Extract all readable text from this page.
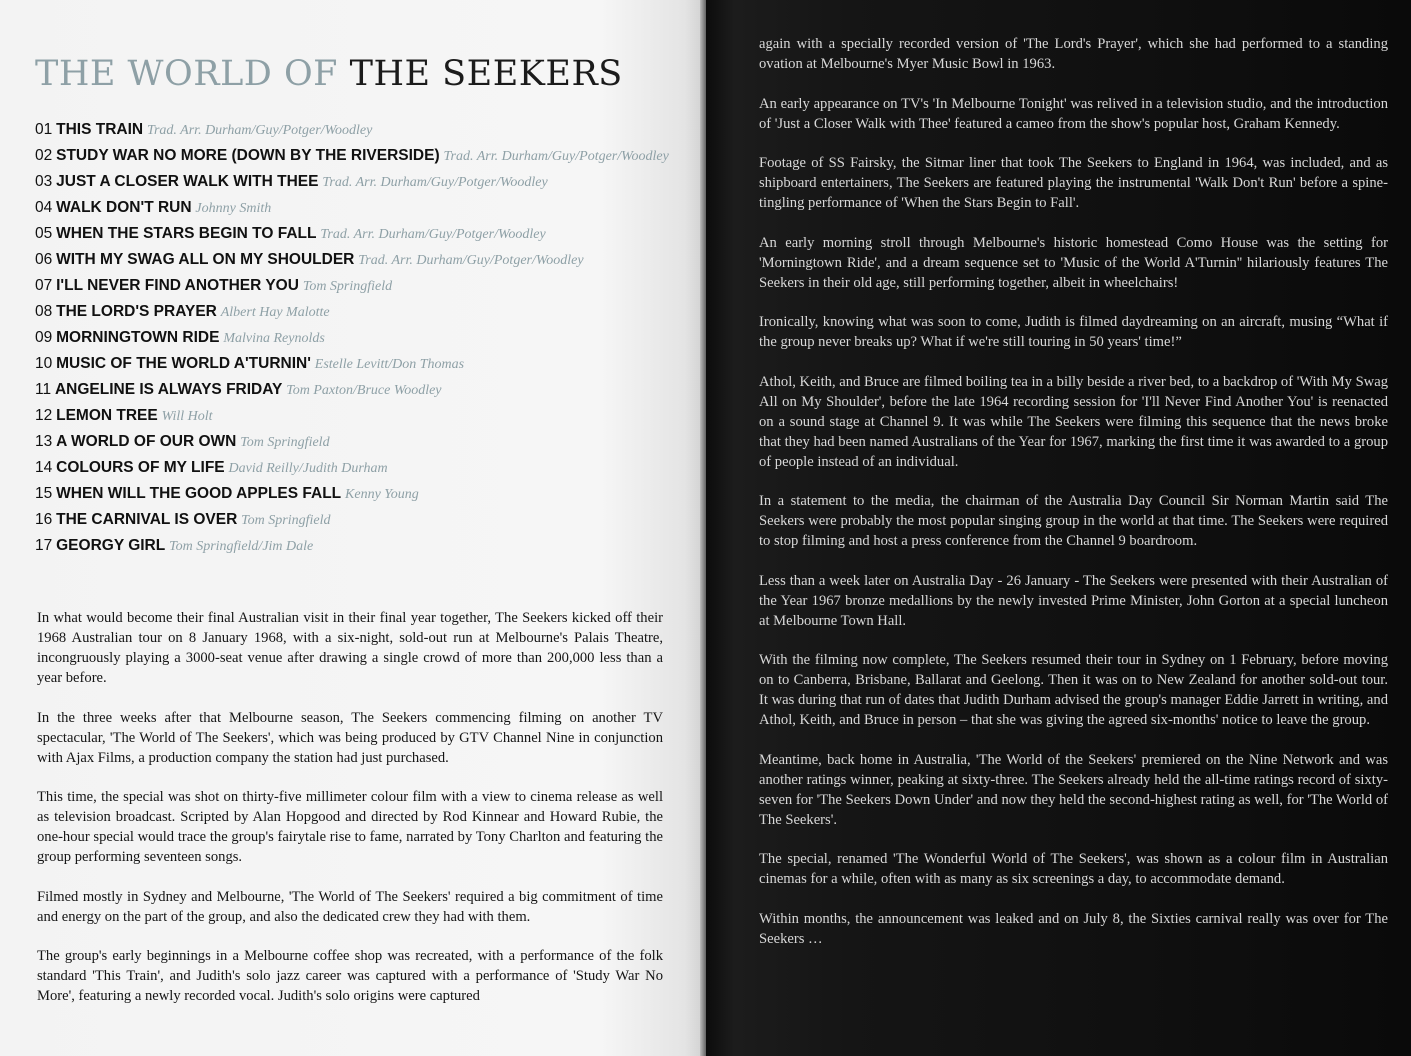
THE WORLD OF THE SEEKERS
01 THIS TRAIN Trad. Arr. Durham/Guy/Potger/Woodley
02 STUDY WAR NO MORE (DOWN BY THE RIVERSIDE) Trad. Arr. Durham/Guy/Potger/Woodley
03 JUST A CLOSER WALK WITH THEE Trad. Arr. Durham/Guy/Potger/Woodley
04 WALK DON'T RUN Johnny Smith
05 WHEN THE STARS BEGIN TO FALL Trad. Arr. Durham/Guy/Potger/Woodley
06 WITH MY SWAG ALL ON MY SHOULDER Trad. Arr. Durham/Guy/Potger/Woodley
07 I'LL NEVER FIND ANOTHER YOU Tom Springfield
08 THE LORD'S PRAYER Albert Hay Malotte
09 MORNINGTOWN RIDE Malvina Reynolds
10 MUSIC OF THE WORLD A'TURNIN' Estelle Levitt/Don Thomas
11 ANGELINE IS ALWAYS FRIDAY Tom Paxton/Bruce Woodley
12 LEMON TREE Will Holt
13 A WORLD OF OUR OWN Tom Springfield
14 COLOURS OF MY LIFE David Reilly/Judith Durham
15 WHEN WILL THE GOOD APPLES FALL Kenny Young
16 THE CARNIVAL IS OVER Tom Springfield
17 GEORGY GIRL Tom Springfield/Jim Dale

In what would become their final Australian visit in their final year together, The Seekers kicked off their 1968 Australian tour on 8 January 1968, with a six-night, sold-out run at Melbourne's Palais Theatre, incongruously playing a 3000-seat venue after drawing a single crowd of more than 200,000 less than a year before.

In the three weeks after that Melbourne season, The Seekers commencing filming on another TV spectacular, 'The World of The Seekers', which was being produced by GTV Channel Nine in conjunction with Ajax Films, a production company the station had just purchased.

This time, the special was shot on thirty-five millimeter colour film with a view to cinema release as well as television broadcast. Scripted by Alan Hopgood and directed by Rod Kinnear and Howard Rubie, the one-hour special would trace the group's fairytale rise to fame, narrated by Tony Charlton and featuring the group performing seventeen songs.

Filmed mostly in Sydney and Melbourne, 'The World of The Seekers' required a big commitment of time and energy on the part of the group, and also the dedicated crew they had with them.

The group's early beginnings in a Melbourne coffee shop was recreated, with a performance of the folk standard 'This Train', and Judith's solo jazz career was captured with a performance of 'Study War No More', featuring a newly recorded vocal. Judith's solo origins were captured

again with a specially recorded version of 'The Lord's Prayer', which she had performed to a standing ovation at Melbourne's Myer Music Bowl in 1963.

An early appearance on TV's 'In Melbourne Tonight' was relived in a television studio, and the introduction of 'Just a Closer Walk with Thee' featured a cameo from the show's popular host, Graham Kennedy.

Footage of SS Fairsky, the Sitmar liner that took The Seekers to England in 1964, was included, and as shipboard entertainers, The Seekers are featured playing the instrumental 'Walk Don't Run' before a spine-tingling performance of 'When the Stars Begin to Fall'.

An early morning stroll through Melbourne's historic homestead Como House was the setting for 'Morningtown Ride', and a dream sequence set to 'Music of the World A'Turnin'' hilariously features The Seekers in their old age, still performing together, albeit in wheelchairs!

Ironically, knowing what was soon to come, Judith is filmed daydreaming on an aircraft, musing “What if the group never breaks up? What if we're still touring in 50 years' time!”

Athol, Keith, and Bruce are filmed boiling tea in a billy beside a river bed, to a backdrop of 'With My Swag All on My Shoulder', before the late 1964 recording session for 'I'll Never Find Another You' is reenacted on a sound stage at Channel 9. It was while The Seekers were filming this sequence that the news broke that they had been named Australians of the Year for 1967, marking the first time it was awarded to a group of people instead of an individual.

In a statement to the media, the chairman of the Australia Day Council Sir Norman Martin said The Seekers were probably the most popular singing group in the world at that time. The Seekers were required to stop filming and host a press conference from the Channel 9 boardroom.

Less than a week later on Australia Day - 26 January - The Seekers were presented with their Australian of the Year 1967 bronze medallions by the newly invested Prime Minister, John Gorton at a special luncheon at Melbourne Town Hall.

With the filming now complete, The Seekers resumed their tour in Sydney on 1 February, before moving on to Canberra, Brisbane, Ballarat and Geelong. Then it was on to New Zealand for another sold-out tour. It was during that run of dates that Judith Durham advised the group's manager Eddie Jarrett in writing, and Athol, Keith, and Bruce in person – that she was giving the agreed six-months' notice to leave the group.

Meantime, back home in Australia, 'The World of the Seekers' premiered on the Nine Network and was another ratings winner, peaking at sixty-three. The Seekers already held the all-time ratings record of sixty-seven for 'The Seekers Down Under' and now they held the second-highest rating as well, for 'The World of The Seekers'.

The special, renamed 'The Wonderful World of The Seekers', was shown as a colour film in Australian cinemas for a while, often with as many as six screenings a day, to accommodate demand.

Within months, the announcement was leaked and on July 8, the Sixties carnival really was over for The Seekers …
